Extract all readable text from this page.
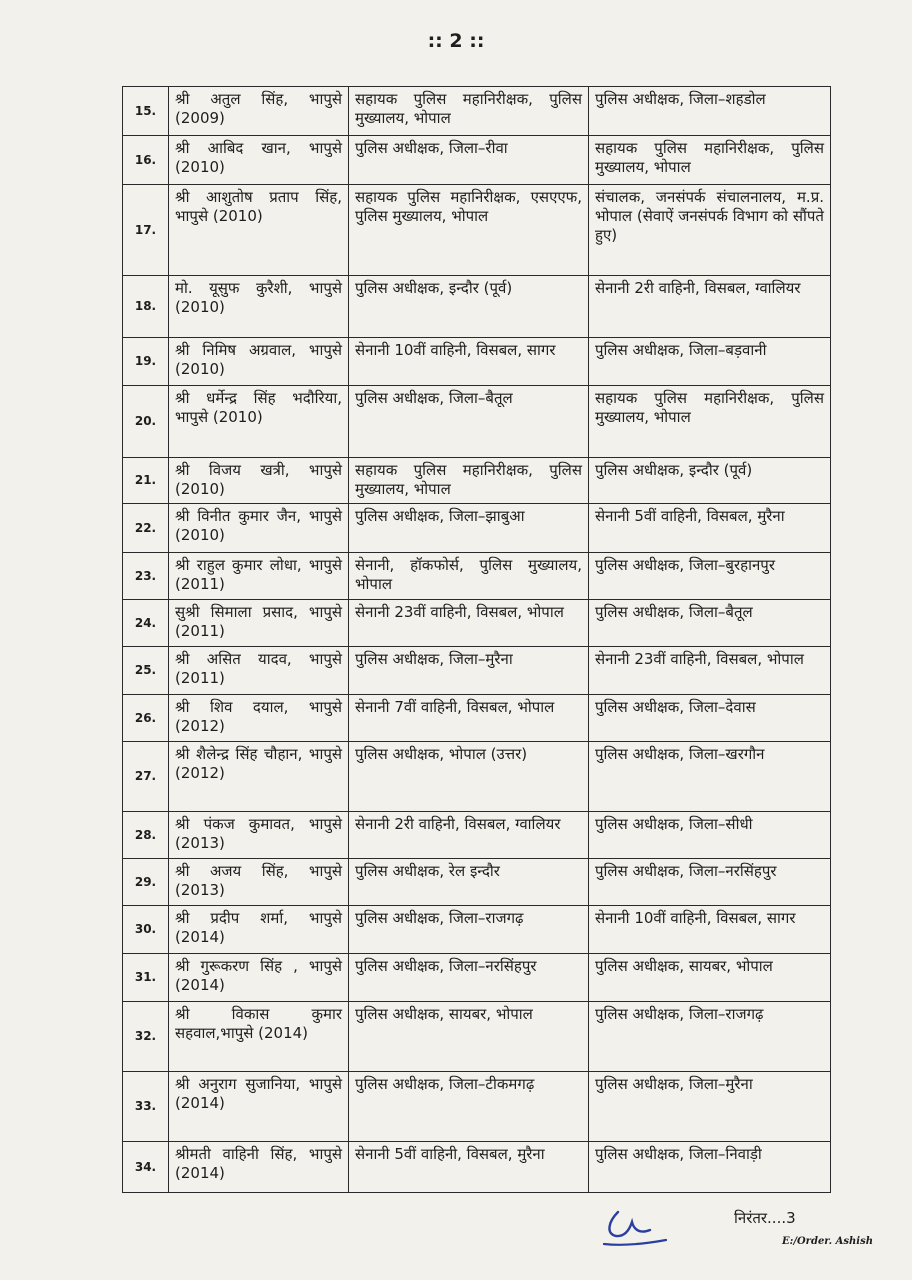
:: 2 ::
15.	श्री अतुल सिंह, भापुसे (2009)	सहायक पुलिस महानिरीक्षक, पुलिस मुख्यालय, भोपाल	पुलिस अधीक्षक, जिला–शहडोल
16.	श्री आबिद खान, भापुसे (2010)	पुलिस अधीक्षक, जिला–रीवा	सहायक पुलिस महानिरीक्षक, पुलिस मुख्यालय, भोपाल
17.	श्री आशुतोष प्रताप सिंह, भापुसे (2010)	सहायक पुलिस महानिरीक्षक, एसएएफ, पुलिस मुख्यालय, भोपाल	संचालक, जनसंपर्क संचालनालय, म.प्र. भोपाल (सेवाऐं जनसंपर्क विभाग को सौंपते हुए)
18.	मो. यूसुफ कुरैशी, भापुसे (2010)	पुलिस अधीक्षक, इन्दौर (पूर्व)	सेनानी 2री वाहिनी, विसबल, ग्वालियर
19.	श्री निमिष अग्रवाल, भापुसे (2010)	सेनानी 10वीं वाहिनी, विसबल, सागर	पुलिस अधीक्षक, जिला–बड़वानी
20.	श्री धर्मेन्द्र सिंह भदौरिया, भापुसे (2010)	पुलिस अधीक्षक, जिला–बैतूल	सहायक पुलिस महानिरीक्षक, पुलिस मुख्यालय, भोपाल
21.	श्री विजय खत्री, भापुसे (2010)	सहायक पुलिस महानिरीक्षक, पुलिस मुख्यालय, भोपाल	पुलिस अधीक्षक, इन्दौर (पूर्व)
22.	श्री विनीत कुमार जैन, भापुसे (2010)	पुलिस अधीक्षक, जिला–झाबुआ	सेनानी 5वीं वाहिनी, विसबल, मुरैना
23.	श्री राहुल कुमार लोधा, भापुसे (2011)	सेनानी, हॉकफोर्स, पुलिस मुख्यालय, भोपाल	पुलिस अधीक्षक, जिला–बुरहानपुर
24.	सुश्री सिमाला प्रसाद, भापुसे (2011)	सेनानी 23वीं वाहिनी, विसबल, भोपाल	पुलिस अधीक्षक, जिला–बैतूल
25.	श्री असित यादव, भापुसे (2011)	पुलिस अधीक्षक, जिला–मुरैना	सेनानी 23वीं वाहिनी, विसबल, भोपाल
26.	श्री शिव दयाल, भापुसे (2012)	सेनानी 7वीं वाहिनी, विसबल, भोपाल	पुलिस अधीक्षक, जिला–देवास
27.	श्री शैलेन्द्र सिंह चौहान, भापुसे (2012)	पुलिस अधीक्षक, भोपाल (उत्तर)	पुलिस अधीक्षक, जिला–खरगौन
28.	श्री पंकज कुमावत, भापुसे (2013)	सेनानी 2री वाहिनी, विसबल, ग्वालियर	पुलिस अधीक्षक, जिला–सीधी
29.	श्री अजय सिंह, भापुसे (2013)	पुलिस अधीक्षक, रेल इन्दौर	पुलिस अधीक्षक, जिला–नरसिंहपुर
30.	श्री प्रदीप शर्मा, भापुसे (2014)	पुलिस अधीक्षक, जिला–राजगढ़	सेनानी 10वीं वाहिनी, विसबल, सागर
31.	श्री गुरूकरण सिंह , भापुसे (2014)	पुलिस अधीक्षक, जिला–नरसिंहपुर	पुलिस अधीक्षक, सायबर, भोपाल
32.	श्री विकास कुमार सहवाल,भापुसे (2014)	पुलिस अधीक्षक, सायबर, भोपाल	पुलिस अधीक्षक, जिला–राजगढ़
33.	श्री अनुराग सुजानिया, भापुसे (2014)	पुलिस अधीक्षक, जिला–टीकमगढ़	पुलिस अधीक्षक, जिला–मुरैना
34.	श्रीमती वाहिनी सिंह, भापुसे (2014)	सेनानी 5वीं वाहिनी, विसबल, मुरैना	पुलिस अधीक्षक, जिला–निवाड़ी
निरंतर....3
E:/Order. Ashish
